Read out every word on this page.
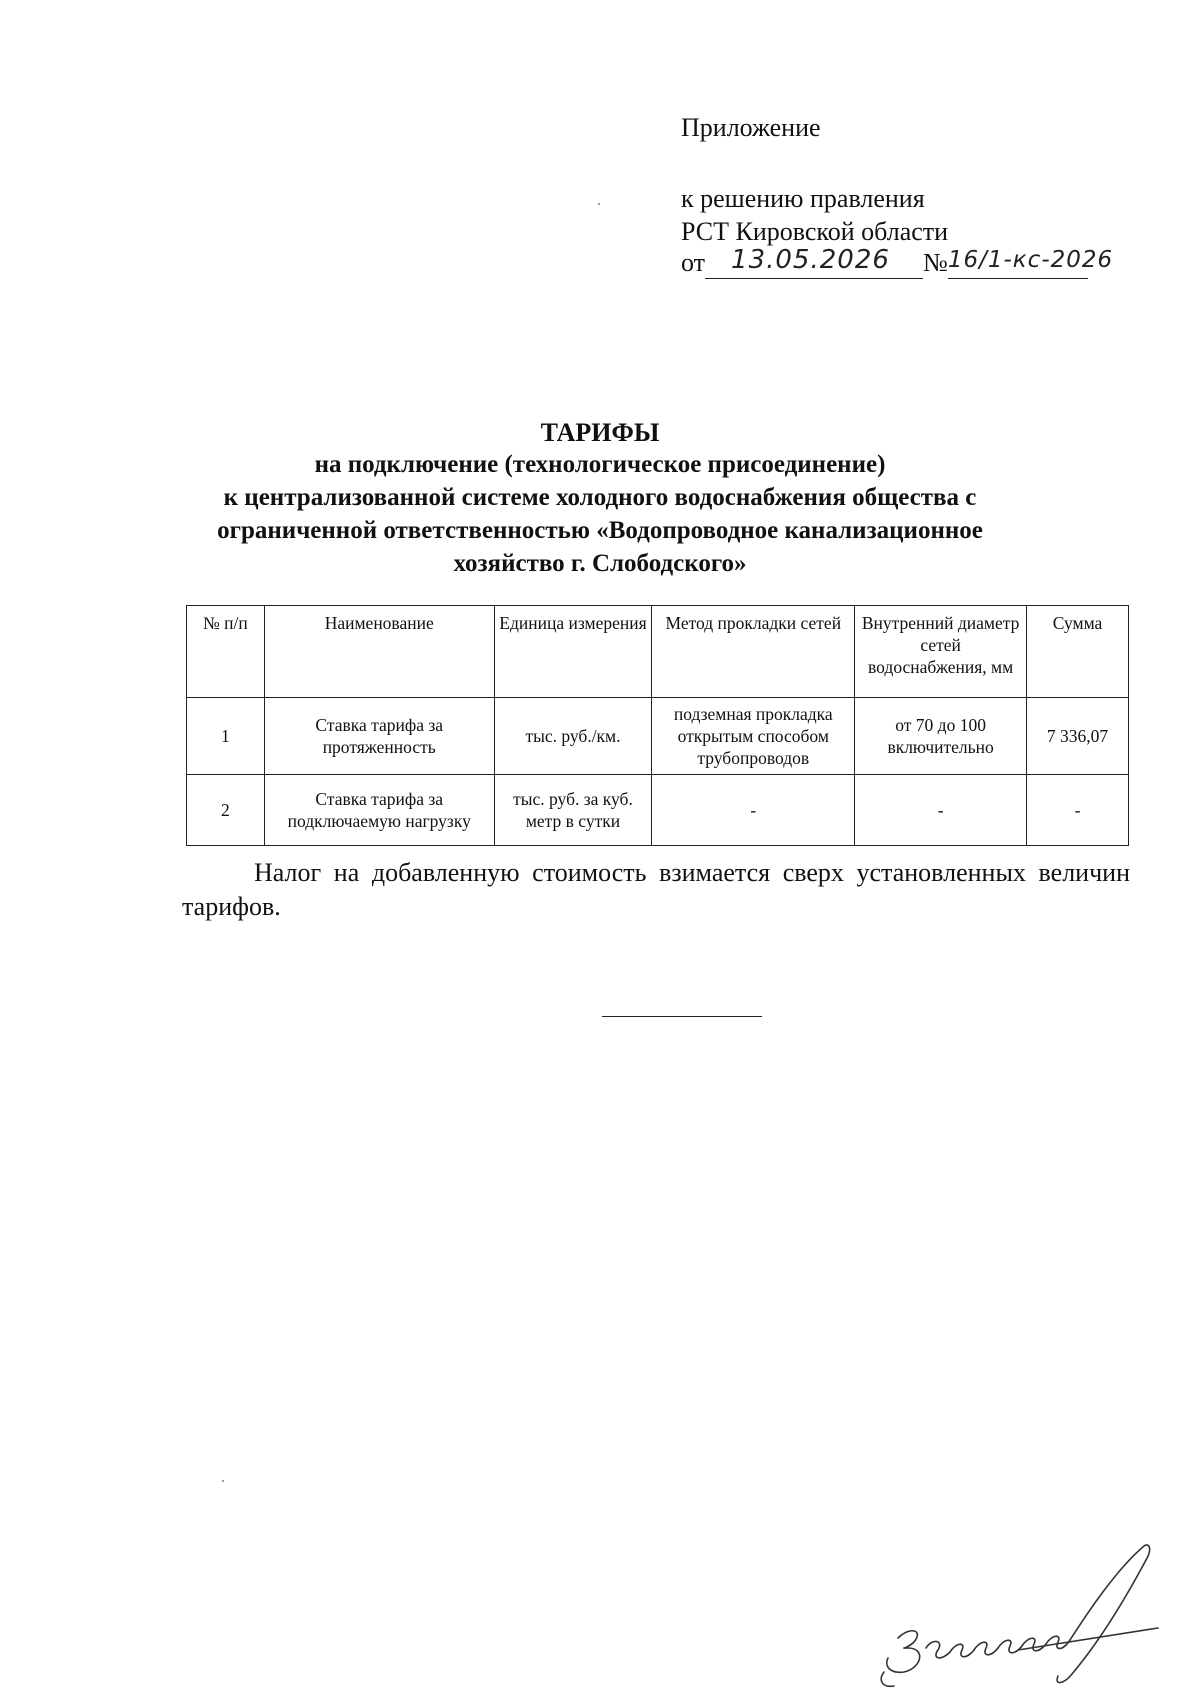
Приложение
к решению правления
РСТ Кировской области
от 13.05.2026 № 16/1-кс-2026
ТАРИФЫ
на подключение (технологическое присоединение)
к централизованной системе холодного водоснабжения общества с
ограниченной ответственностью «Водопроводное канализационное
хозяйство г. Слободского»
№ п/п	Наименование	Единица измерения	Метод прокладки сетей	Внутренний диаметр сетей водоснабжения, мм	Сумма
1	Ставка тарифа за протяженность	тыс. руб./км.	подземная прокладка открытым способом трубопроводов	от 70 до 100 включительно	7 336,07
2	Ставка тарифа за подключаемую нагрузку	тыс. руб. за куб. метр в сутки	-	-	-
Налог на добавленную стоимость взимается сверх установленных величин тарифов.
